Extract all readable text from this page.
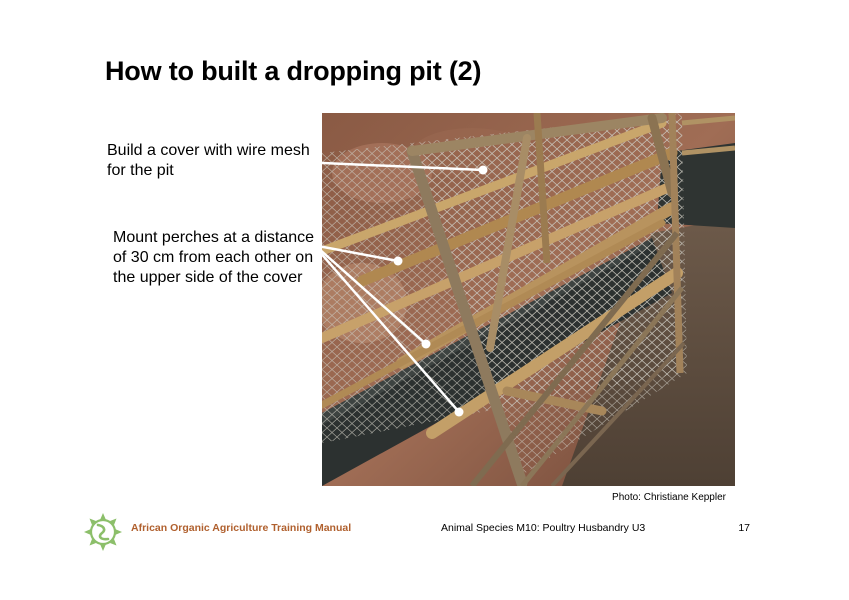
How to built a dropping pit (2)
Build a cover with wire mesh for the pit
Mount perches at a distance of 30 cm from each other on the upper side of the cover
Photo: Christiane Keppler
African Organic Agriculture Training Manual	Animal Species M10: Poultry Husbandry U3	17
